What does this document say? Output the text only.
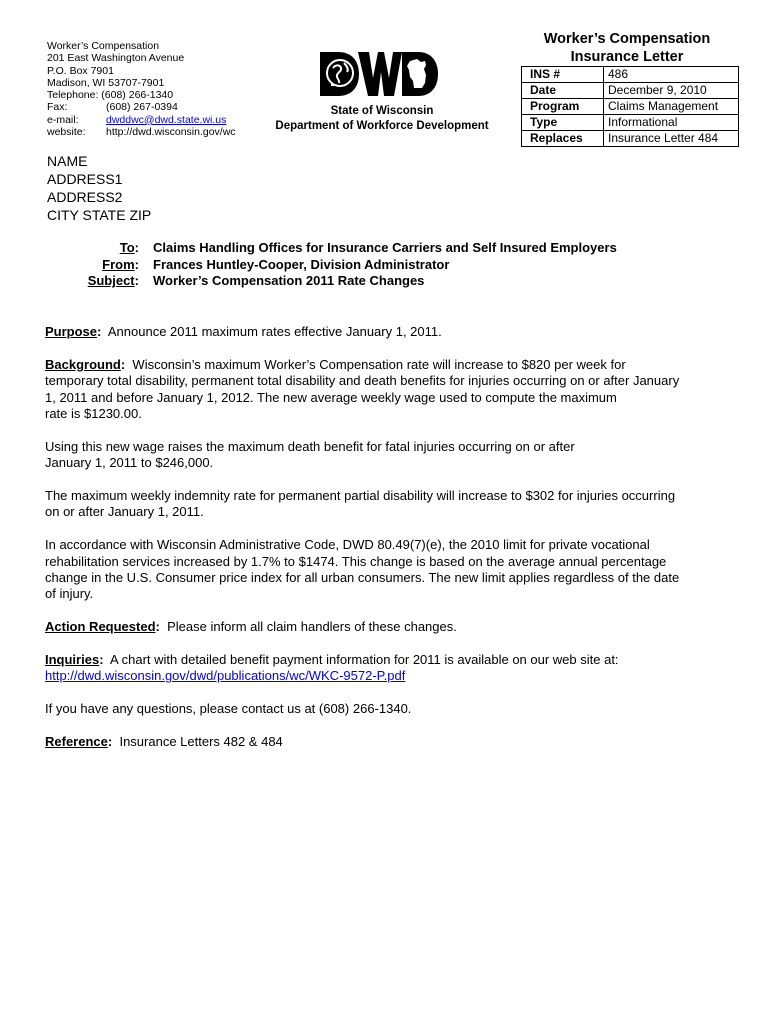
Worker’s Compensation
201 East Washington Avenue
P.O. Box 7901
Madison, WI 53707-7901
Telephone: (608) 266-1340
Fax:	(608) 267-0394
e-mail:	dwddwc@dwd.state.wi.us
website:	http://dwd.wisconsin.gov/wc
State of Wisconsin
Department of Workforce Development
Worker’s Compensation
Insurance Letter
INS #	486
Date	December 9, 2010
Program	Claims Management
Type	Informational
Replaces	Insurance Letter 484
NAME
ADDRESS1
ADDRESS2
CITY STATE ZIP
To:	Claims Handling Offices for Insurance Carriers and Self Insured Employers
From:	Frances Huntley-Cooper, Division Administrator
Subject:	Worker’s Compensation 2011 Rate Changes

Purpose: Announce 2011 maximum rates effective January 1, 2011.

Background: Wisconsin’s maximum Worker’s Compensation rate will increase to $820 per week for
temporary total disability, permanent total disability and death benefits for injuries occurring on or after January
1, 2011 and before January 1, 2012. The new average weekly wage used to compute the maximum
rate is $1230.00.

Using this new wage raises the maximum death benefit for fatal injuries occurring on or after
January 1, 2011 to $246,000.

The maximum weekly indemnity rate for permanent partial disability will increase to $302 for injuries occurring
on or after January 1, 2011.

In accordance with Wisconsin Administrative Code, DWD 80.49(7)(e), the 2010 limit for private vocational
rehabilitation services increased by 1.7% to $1474. This change is based on the average annual percentage
change in the U.S. Consumer price index for all urban consumers. The new limit applies regardless of the date
of injury.

Action Requested: Please inform all claim handlers of these changes.

Inquiries: A chart with detailed benefit payment information for 2011 is available on our web site at:
http://dwd.wisconsin.gov/dwd/publications/wc/WKC-9572-P.pdf

If you have any questions, please contact us at (608) 266-1340.

Reference: Insurance Letters 482 & 484
